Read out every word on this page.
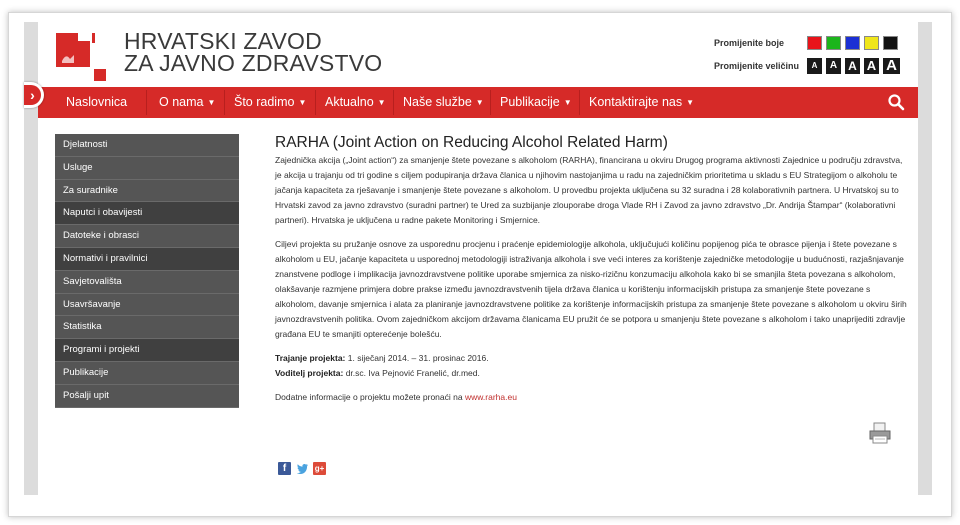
HRVATSKI ZAVOD
ZA JAVNO ZDRAVSTVO
Promijenite boje
Promijenite veličinu	A	A A A A
›	Naslovnica	O nama ▼ Što radimo ▼ Aktualno ▼ Naše službe ▼ Publikacije ▼ Kontaktirajte nas ▼
Djelatnosti
Usluge
Za suradnike
Naputci i obavijesti
Datoteke i obrasci
Normativi i pravilnici
Savjetovališta
Usavršavanje
Statistika
Programi i projekti
Publikacije
Pošalji upit
RARHA (Joint Action on Reducing Alcohol Related Harm)

Zajednička akcija („Joint action“) za smanjenje štete povezane s alkoholom (RARHA), financirana u okviru Drugog programa aktivnosti Zajednice u području zdravstva, je akcija u trajanju od tri godine s ciljem podupiranja država članica u njihovim nastojanjima u radu na zajedničkim prioritetima u skladu s EU Strategijom o alkoholu te jačanja kapaciteta za rješavanje i smanjenje štete povezane s alkoholom. U provedbu projekta uključena su 32 suradna i 28 kolaborativnih partnera. U Hrvatskoj su to Hrvatski zavod za javno zdravstvo (suradni partner) te Ured za suzbijanje zlouporabe droga Vlade RH i Zavod za javno zdravstvo „Dr. Andrija Štampar“ (kolaborativni partneri). Hrvatska je uključena u radne pakete Monitoring i Smjernice.

Ciljevi projekta su pružanje osnove za usporednu procjenu i praćenje epidemiologije alkohola, uključujući količinu popijenog pića te obrasce pijenja i štete povezane s alkoholom u EU, jačanje kapaciteta u usporednoj metodologiji istraživanja alkohola i sve veći interes za korištenje zajedničke metodologije u budućnosti, razjašnjavanje znanstvene podloge i implikacija javnozdravstvene politike uporabe smjernica za nisko-rizičnu konzumaciju alkohola kako bi se smanjila šteta povezana s alkoholom, olakšavanje razmjene primjera dobre prakse između javnozdravstvenih tijela država članica u korištenju informacijskih pristupa za smanjenje štete povezane s alkoholom, davanje smjernica i alata za planiranje javnozdravstvene politike za korištenje informacijskih pristupa za smanjenje štete povezane s alkoholom u okviru širih javnozdravstvenih politika. Ovom zajedničkom akcijom državama članicama EU pružit će se potpora u smanjenju štete povezane s alkoholom i tako unaprijediti zdravlje građana EU te smanjiti opterećenje bolešću.

Trajanje projekta: 1. siječanj 2014. – 31. prosinac 2016.
Voditelj projekta: dr.sc. Iva Pejnović Franelić, dr.med.
Dodatne informacije o projektu možete pronaći na www.rarha.eu
f	g+
